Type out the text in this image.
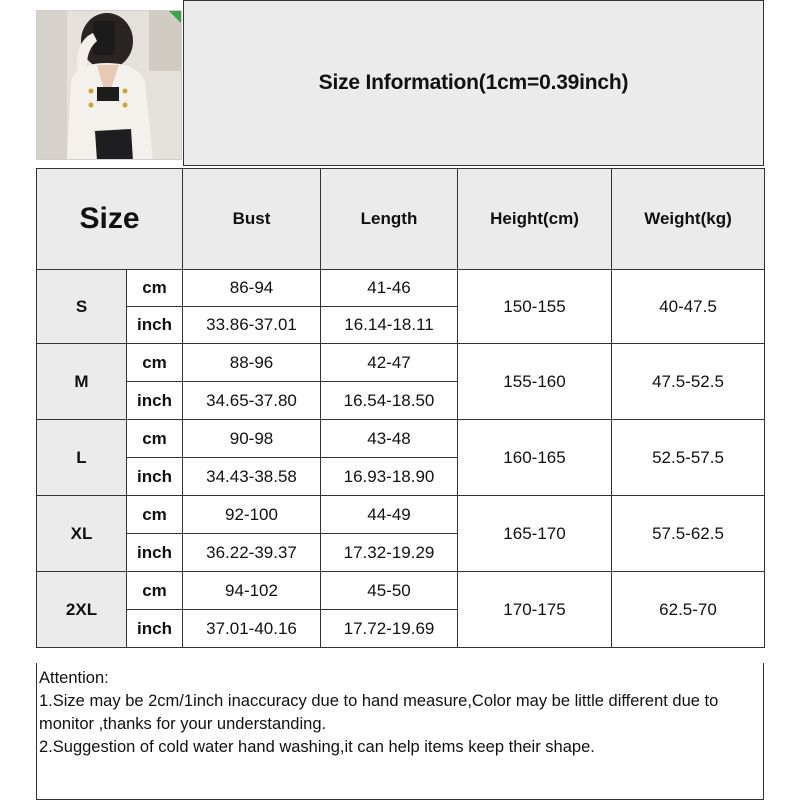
Size Information(1cm=0.39inch)
Size		Bust	Length	Height(cm)	Weight(kg)
S	cm	86-94	41-46	150-155	40-47.5
	inch	33.86-37.01	16.14-18.11		
M	cm	88-96	42-47	155-160	47.5-52.5
	inch	34.65-37.80	16.54-18.50		
L	cm	90-98	43-48	160-165	52.5-57.5
	inch	34.43-38.58	16.93-18.90		
XL	cm	92-100	44-49	165-170	57.5-62.5
	inch	36.22-39.37	17.32-19.29		
2XL	cm	94-102	45-50	170-175	62.5-70
	inch	37.01-40.16	17.72-19.69		
Attention:
1.Size may be 2cm/1inch inaccuracy due to hand measure,Color may be little different due to monitor ,thanks for your understanding.
2.Suggestion of cold water hand washing,it can help items keep their shape.
